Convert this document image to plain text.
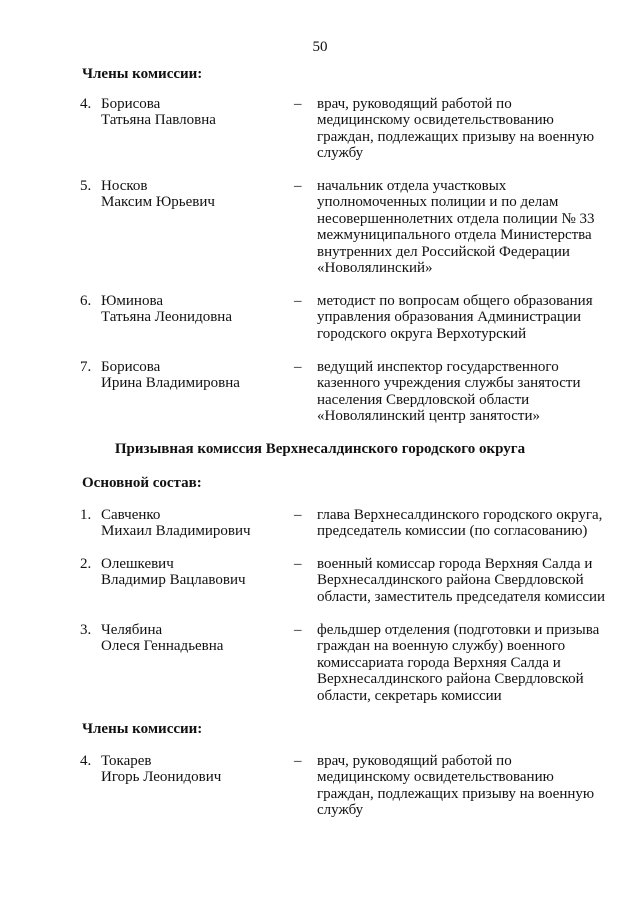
50
Члены комиссии:
4. Борисова
Татьяна Павловна
– врач, руководящий работой по
медицинскому освидетельствованию
граждан, подлежащих призыву на военную
службу
5. Носков
Максим Юрьевич
– начальник отдела участковых
уполномоченных полиции и по делам
несовершеннолетних отдела полиции № 33
межмуниципального отдела Министерства
внутренних дел Российской Федерации
«Новолялинский»
6. Юминова
Татьяна Леонидовна
– методист по вопросам общего образования
управления образования Администрации
городского округа Верхотурский
7. Борисова
Ирина Владимировна
– ведущий инспектор государственного
казенного учреждения службы занятости
населения Свердловской области
«Новолялинский центр занятости»
Призывная комиссия Верхнесалдинского городского округа
Основной состав:
1. Савченко
Михаил Владимирович
– глава Верхнесалдинского городского округа,
председатель комиссии (по согласованию)
2. Олешкевич
Владимир Вацлавович
– военный комиссар города Верхняя Салда и
Верхнесалдинского района Свердловской
области, заместитель председателя комиссии
3. Челябина
Олеся Геннадьевна
– фельдшер отделения (подготовки и призыва
граждан на военную службу) военного
комиссариата города Верхняя Салда и
Верхнесалдинского района Свердловской
области, секретарь комиссии
Члены комиссии:
4. Токарев
Игорь Леонидович
– врач, руководящий работой по
медицинскому освидетельствованию
граждан, подлежащих призыву на военную
службу
